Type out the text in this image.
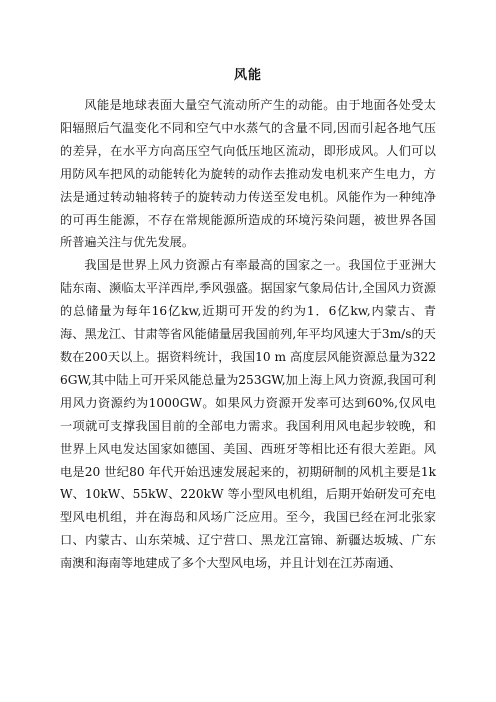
风能

风能是地球表面大量空气流动所产生的动能。由于地面各处受太阳辐照后气温变化不同和空气中水蒸气的含量不同,因而引起各地气压的差异，在水平方向高压空气向低压地区流动，即形成风。人们可以用防风车把风的动能转化为旋转的动作去推动发电机来产生电力，方法是通过转动轴将转子的旋转动力传送至发电机。风能作为一种纯净的可再生能源，不存在常规能源所造成的环境污染问题，被世界各国所普遍关注与优先发展。

我国是世界上风力资源占有率最高的国家之一。我国位于亚洲大陆东南、濒临太平洋西岸,季风强盛。据国家气象局估计,全国风力资源的总储量为每年16亿kw,近期可开发的约为1．6亿kw,内蒙古、青海、黑龙江、甘肃等省风能储量居我国前列,年平均风速大于3m/s的天数在200天以上。据资料统计，我国10 m 高度层风能资源总量为3226GW,其中陆上可开采风能总量为253GW,加上海上风力资源,我国可利用风力资源约为1000GW。如果风力资源开发率可达到60%,仅风电一项就可支撑我国目前的全部电力需求。我国利用风电起步较晚，和世界上风电发达国家如德国、美国、西班牙等相比还有很大差距。风电是20 世纪80 年代开始迅速发展起来的，初期研制的风机主要是1kW、10kW、55kW、220kW 等小型风电机组，后期开始研发可充电型风电机组，并在海岛和风场广泛应用。至今，我国已经在河北张家口、内蒙古、山东荣城、辽宁营口、黑龙江富锦、新疆达坂城、广东南澳和海南等地建成了多个大型风电场，并且计划在江苏南通、
